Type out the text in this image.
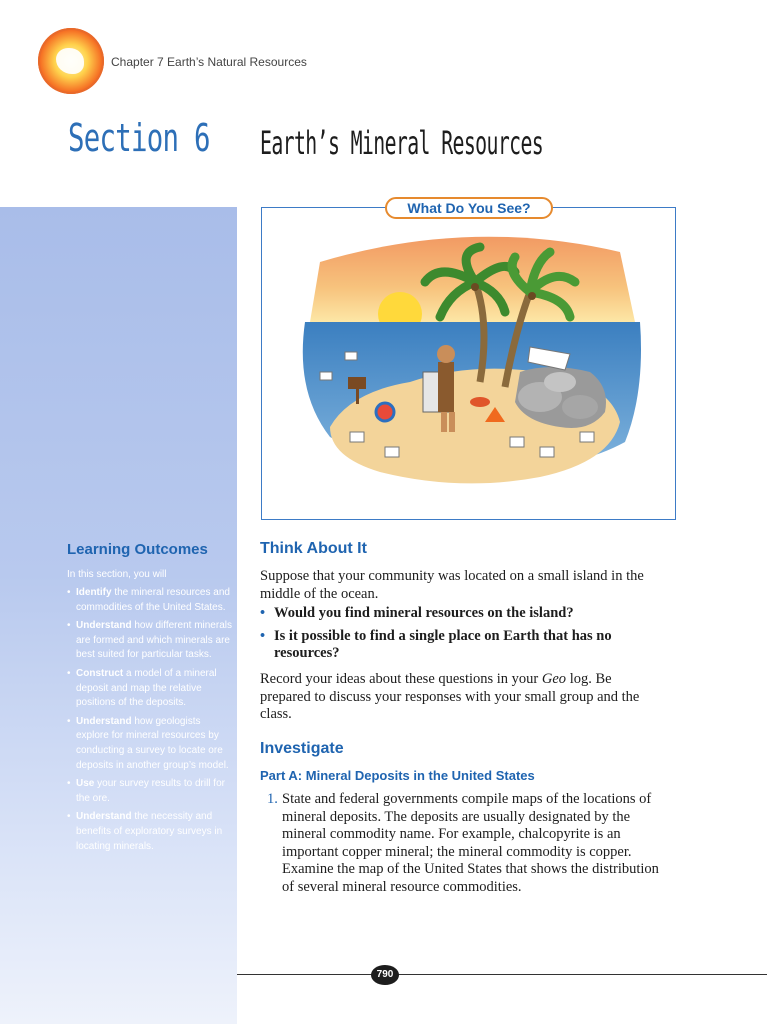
Chapter 7 Earth’s Natural Resources
Section 6 Earth’s Mineral Resources
What Do You See?
Learning Outcomes
In this section, you will
• Identify the mineral resources and commodities of the United States.
• Understand how different minerals are formed and which minerals are best suited for particular tasks.
• Construct a model of a mineral deposit and map the relative positions of the deposits.
• Understand how geologists explore for mineral resources by conducting a survey to locate ore deposits in another group’s model.
• Use your survey results to drill for the ore.
• Understand the necessity and benefits of exploratory surveys in locating minerals.
Think About It
Suppose that your community was located on a small island in the middle of the ocean.
• Would you find mineral resources on the island?
• Is it possible to find a single place on Earth that has no resources?
Record your ideas about these questions in your Geo log. Be prepared to discuss your responses with your small group and the class.
Investigate
Part A: Mineral Deposits in the United States
1. State and federal governments compile maps of the locations of mineral deposits. The deposits are usually designated by the mineral commodity name. For example, chalcopyrite is an important copper mineral; the mineral commodity is copper. Examine the map of the United States that shows the distribution of several mineral resource commodities.
790
